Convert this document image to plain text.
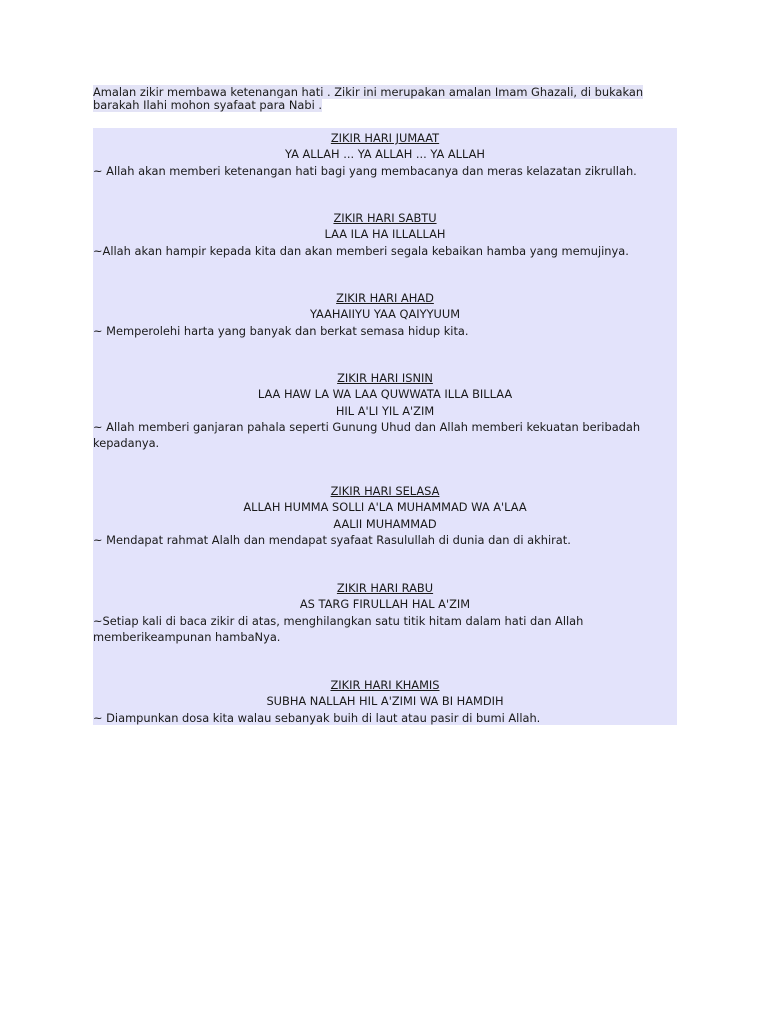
Amalan zikir membawa ketenangan hati . Zikir ini merupakan amalan Imam Ghazali, di bukakan barakah Ilahi mohon syafaat para Nabi .
ZIKIR HARI JUMAAT
YA ALLAH ... YA ALLAH ... YA ALLAH
~ Allah akan memberi ketenangan hati bagi yang membacanya dan meras kelazatan zikrullah.
ZIKIR HARI SABTU
LAA ILA HA ILLALLAH
~Allah akan hampir kepada kita dan akan memberi segala kebaikan hamba yang memujinya.
ZIKIR HARI AHAD
YAAHAIIYU YAA QAIYYUUM
~ Memperolehi harta yang banyak dan berkat semasa hidup kita.
ZIKIR HARI ISNIN
LAA HAW LA WA LAA QUWWATA ILLA BILLAA
HIL A'LI YIL A'ZIM
~ Allah memberi ganjaran pahala seperti Gunung Uhud dan Allah memberi kekuatan beribadah kepadanya.
ZIKIR HARI SELASA
ALLAH HUMMA SOLLI A'LA MUHAMMAD WA A'LAA
AALII MUHAMMAD
~ Mendapat rahmat Alalh dan mendapat syafaat Rasulullah di dunia dan di akhirat.
ZIKIR HARI RABU
AS TARG FIRULLAH HAL A'ZIM
~Setiap kali di baca zikir di atas, menghilangkan satu titik hitam dalam hati dan Allah memberikeampunan hambaNya.
ZIKIR HARI KHAMIS
SUBHA NALLAH HIL A'ZIMI WA BI HAMDIH
~ Diampunkan dosa kita walau sebanyak buih di laut atau pasir di bumi Allah.
